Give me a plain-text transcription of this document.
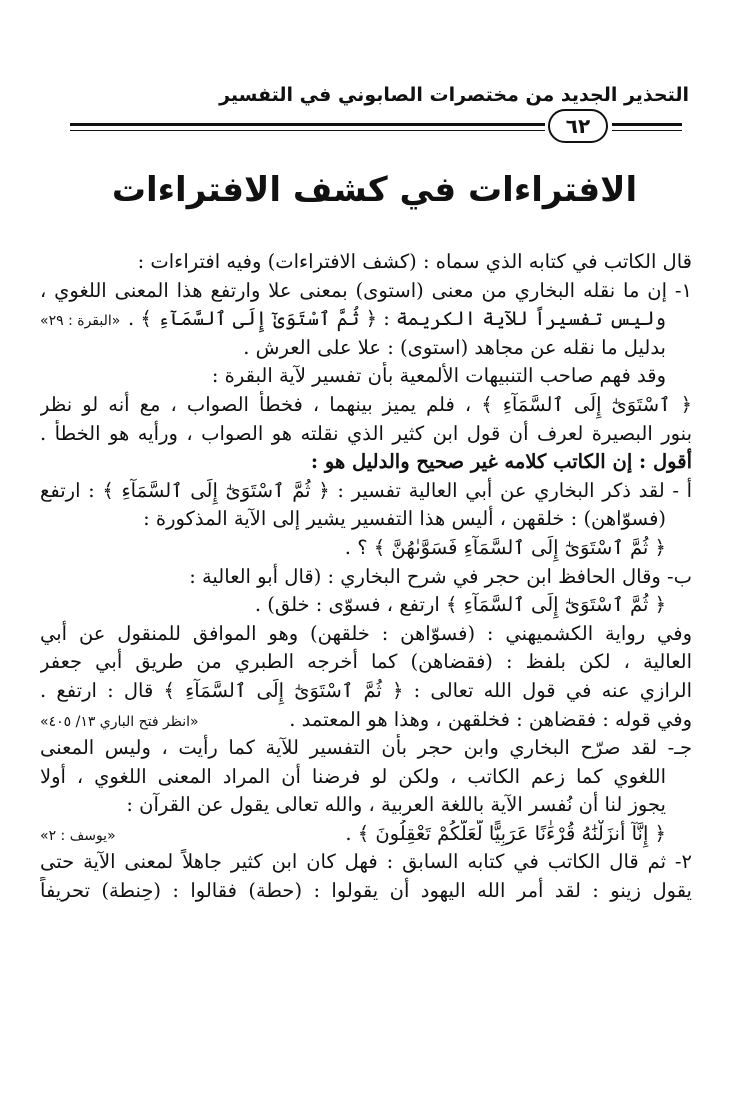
التحذير الجديد من مختصرات الصابوني في التفسير
٦٢
الافتراءات في كشف الافتراءات
قال الكاتب في كتابه الذي سماه : (كشف الافتراءات) وفيه افتراءات :
١- إن ما نقله البخاري من معنى (استوى) بمعنى علا وارتفع هذا المعنى اللغوي ،
وليس تفسيراً للآية الكريمة : ﴿ ثُمَّ ٱسْتَوَىٰٓ إِلَى ٱلسَّمَآءِ ﴾ .
«البقرة : ٢٩»
بدليل ما نقله عن مجاهد (استوى) : علا على العرش .
وقد فهم صاحب التنبيهات الألمعية بأن تفسير لآية البقرة :
﴿ ٱسْتَوَىٰٓ إِلَى ٱلسَّمَآءِ ﴾ ، فلم يميز بينهما ، فخطأ الصواب ، مع أنه لو نظر
بنور البصيرة لعرف أن قول ابن كثير الذي نقلته هو الصواب ، ورأيه هو الخطأ .
أقول : إن الكاتب كلامه غير صحيح والدليل هو :
أ - لقد ذكر البخاري عن أبي العالية تفسير : ﴿ ثُمَّ ٱسْتَوَىٰٓ إِلَى ٱلسَّمَآءِ ﴾ : ارتفع
(فسوّاهن) : خلقهن ، أليس هذا التفسير يشير إلى الآية المذكورة :
﴿ ثُمَّ ٱسْتَوَىٰٓ إِلَى ٱلسَّمَآءِ فَسَوَّىٰهُنَّ ﴾ ؟ .
ب- وقال الحافظ ابن حجر في شرح البخاري : (قال أبو العالية :
﴿ ثُمَّ ٱسْتَوَىٰٓ إِلَى ٱلسَّمَآءِ ﴾ ارتفع ، فسوّى : خلق) .
وفي رواية الكشميهني : (فسوّاهن : خلقهن) وهو الموافق للمنقول عن أبي
العالية ، لكن بلفظ : (فقضاهن) كما أخرجه الطبري من طريق أبي جعفر
الرازي عنه في قول الله تعالى : ﴿ ثُمَّ ٱسْتَوَىٰٓ إِلَى ٱلسَّمَآءِ ﴾ قال : ارتفع .
وفي قوله : فقضاهن : فخلقهن ، وهذا هو المعتمد .
«انظر فتح الباري ١٣/ ٤٠٥»
جـ- لقد صرّح البخاري وابن حجر بأن التفسير للآية كما رأيت ، وليس المعنى
اللغوي كما زعم الكاتب ، ولكن لو فرضنا أن المراد المعنى اللغوي ، أولا
يجوز لنا أن نُفسر الآية باللغة العربية ، والله تعالى يقول عن القرآن :
﴿ إِنَّآ أَنزَلْنَٰهُ قُرْءَٰنًا عَرَبِيًّا لَّعَلَّكُمْ تَعْقِلُونَ ﴾ .
«يوسف : ٢»
٢- ثم قال الكاتب في كتابه السابق : فهل كان ابن كثير جاهلاً لمعنى الآية حتى
يقول زينو : لقد أمر الله اليهود أن يقولوا : (حطة) فقالوا : (حِنطة) تحريفاً
